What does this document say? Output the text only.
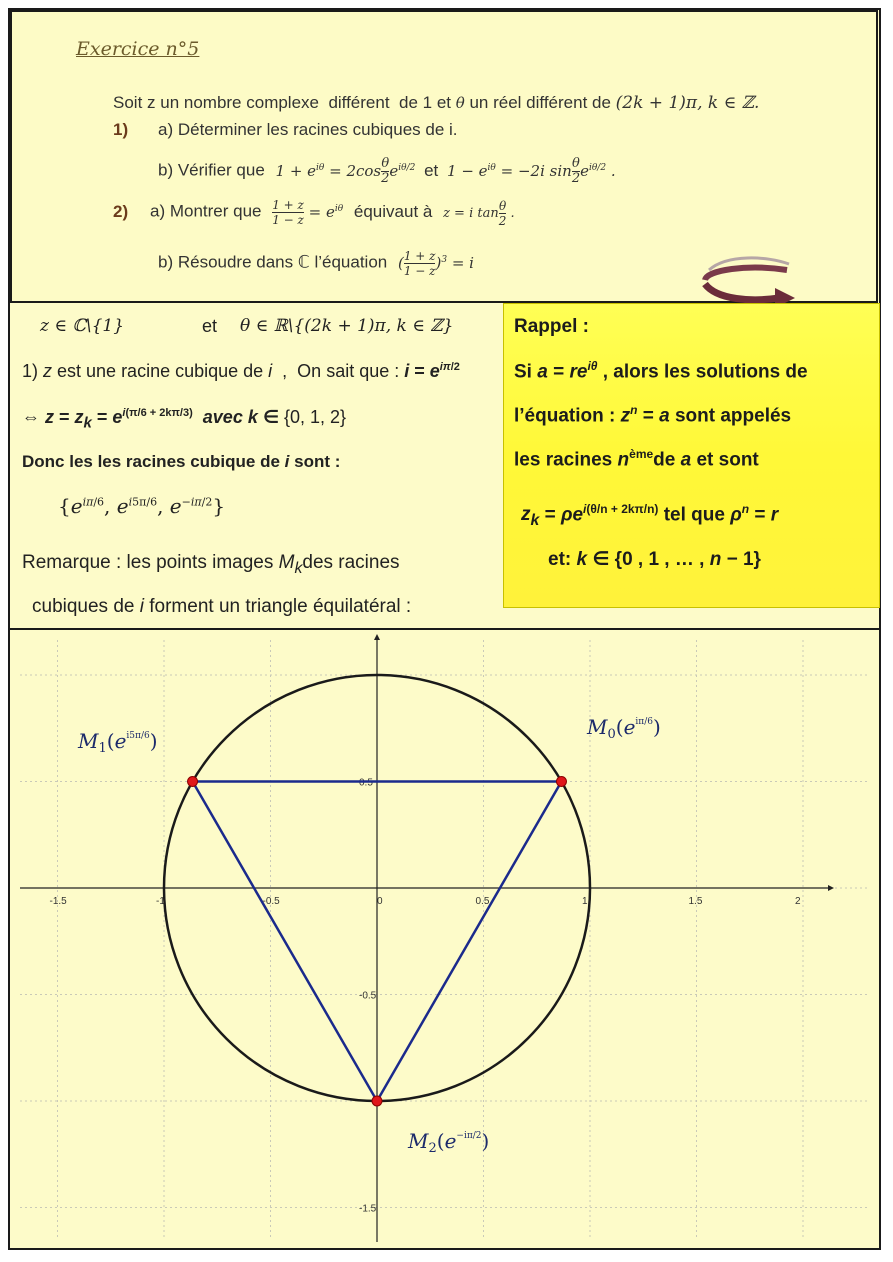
Exercice n°5
Soit z un nombre complexe  différent  de 1 et θ un réel différent de (2k + 1)π, k ∈ ℤ.
1) a) Déterminer les racines cubiques de i.
b) Vérifier que $1 + e^{i\theta} = 2\cos \frac{\theta}{2} e^{i\theta/2}$ et $1 - e^{i\theta} = -2i$ $\sin \frac{\theta}{2} e^{i\theta/2}$ .
2) a) Montrer que $\frac{1 + z}{1 - z} = e^{i\theta}$ équivaut à z = i $\tan \frac{\theta}{2}$ .
b) Résoudre dans ℂ l’équation ( $\frac{1 + z}{1 - z} )^3 = i$
z ∈ ℂ\{1}	et θ ∈ ℝ\{(2k + 1)π, k ∈ ℤ}
1) z est une racine cubique de i  ,  On sait que : $i = e^{i\pi/2}$
⇔ $z = z_k = e^{i(\pi/6 + 2k\pi/3)}$ avec k ∈ {0, 1, 2}
Donc les les racines cubique de i sont :
{$e^{i\pi/6}$, $e^{i5\pi/6}$, $e^{-i\pi/2}$}
Remarque : les points images $M_kdes$ racines
cubiques de i forment un triangle équilatéral :
Rappel :
Si $a = re^{i\theta}$ , alors les solutions de
l’équation : $z^n = a$ sont appelés
les racines $n^{ème}de$ a et sont
$z_k = \rho e^{i(\theta/n + 2k\pi/n)}$ tel que $\rho^n = r$
et: k ∈ {0 , 1 , … , n − 1}
-1.5	-1	-0.5	0	0.5	1	1.5	2
0.5
-0.5
-1.5
$M_1(e^{i5\pi/6})$
$M_0(e^{i\pi/6})$
$M_2(e^{-i\pi/2})$
